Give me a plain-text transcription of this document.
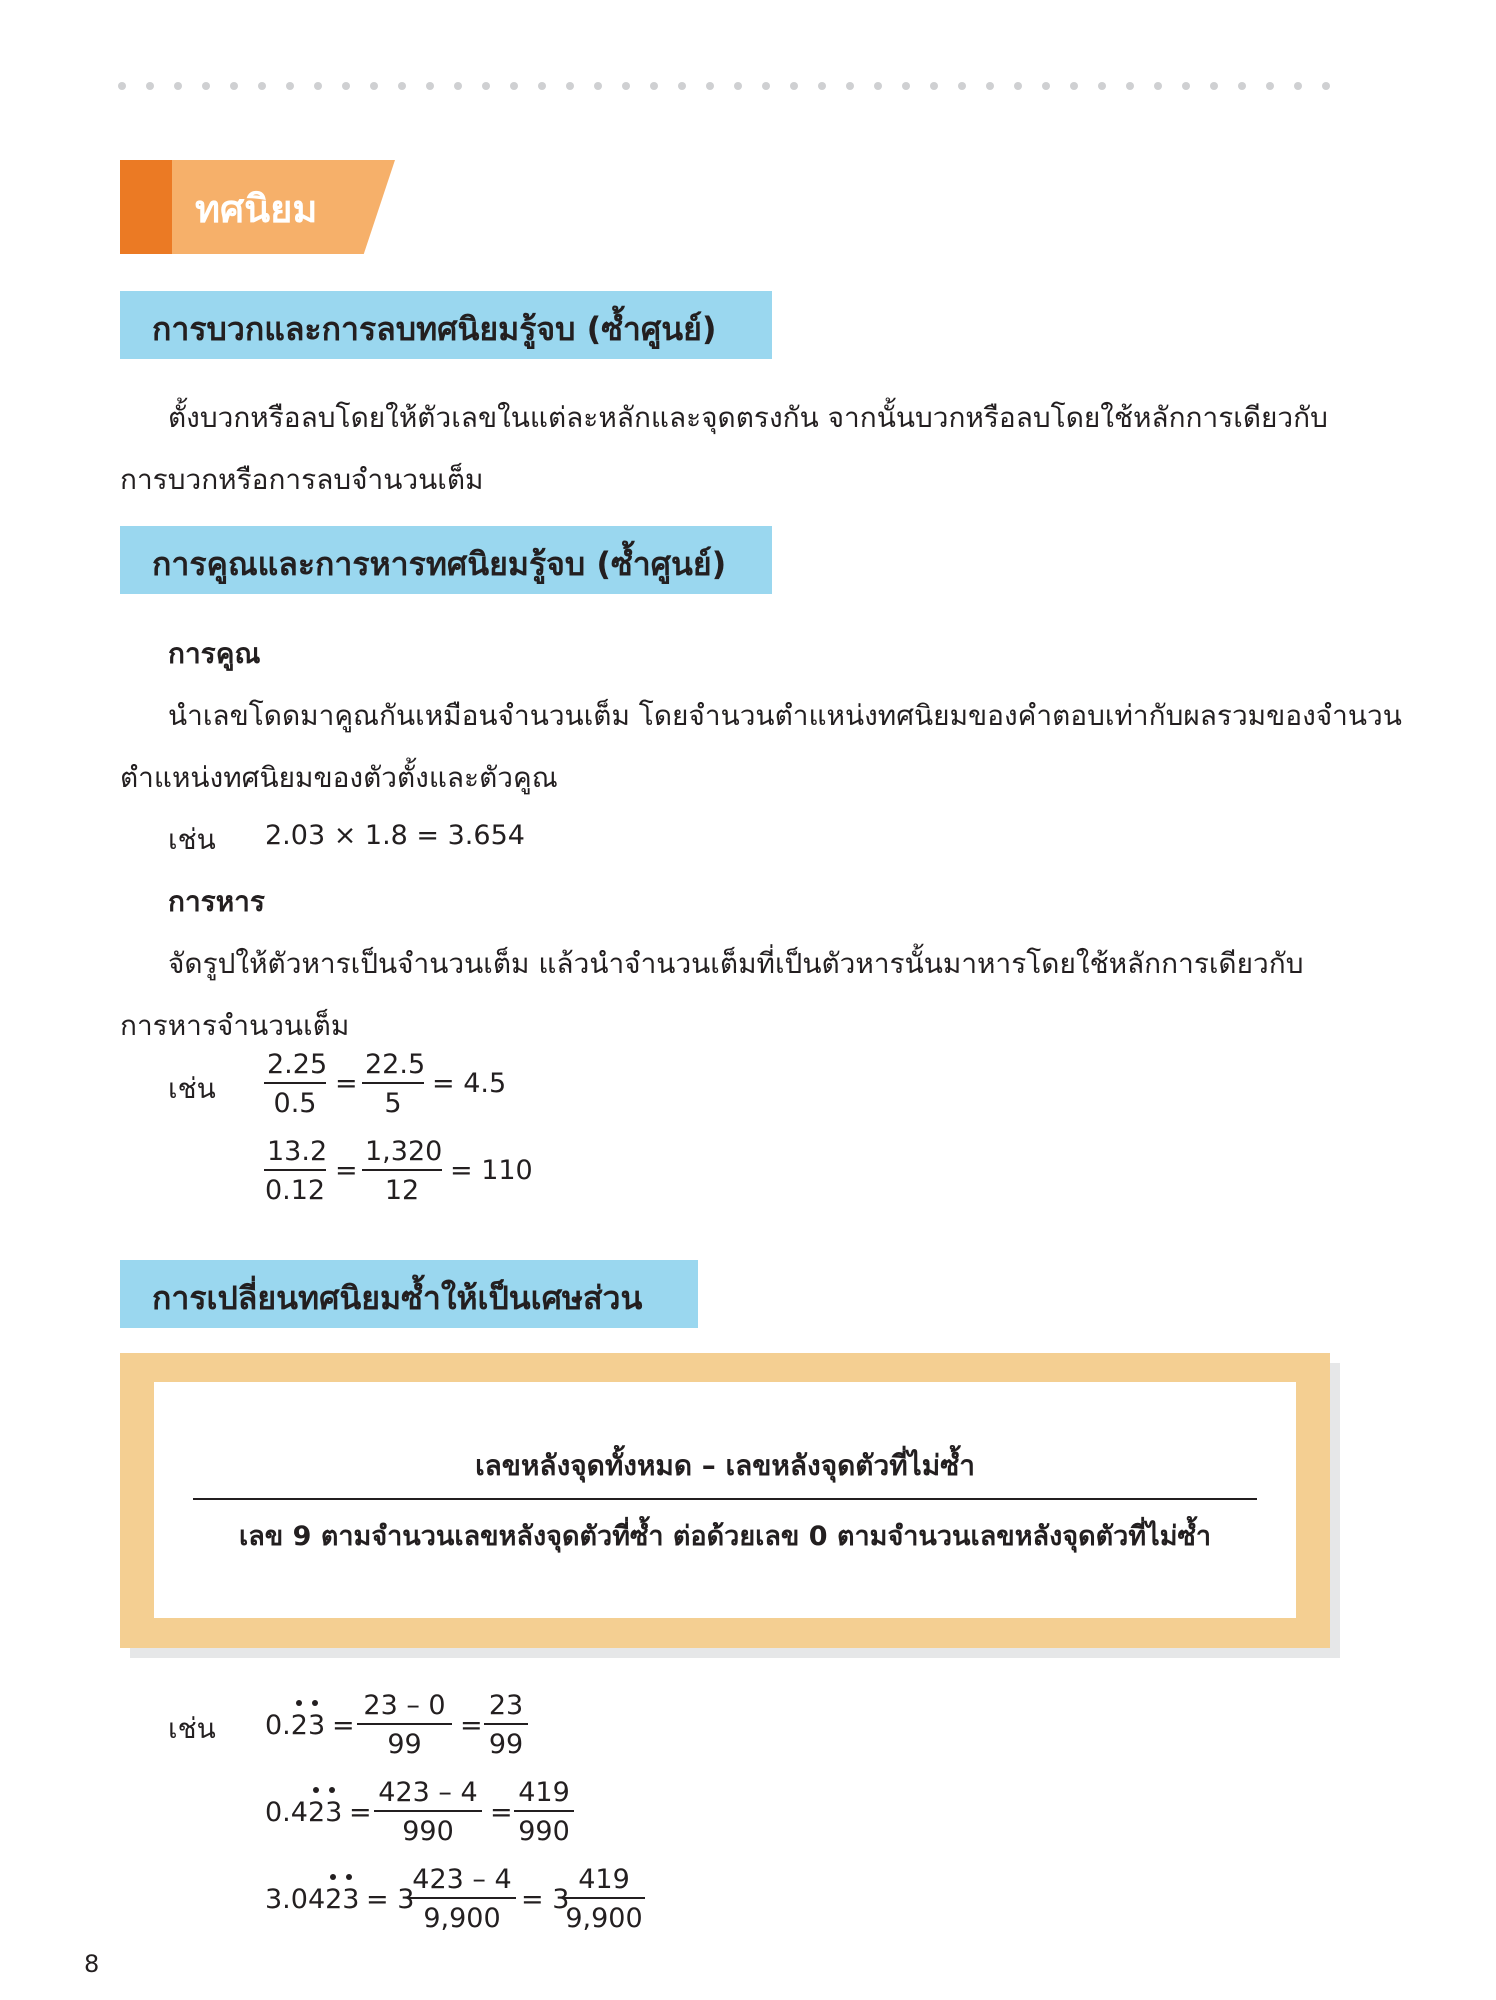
ทศนิยม
การบวกและการลบทศนิยมรู้จบ (ซ้ำศูนย์)
ตั้งบวกหรือลบโดยให้ตัวเลขในแต่ละหลักและจุดตรงกัน จากนั้นบวกหรือลบโดยใช้หลักการเดียวกับ
การบวกหรือการลบจำนวนเต็ม
การคูณและการหารทศนิยมรู้จบ (ซ้ำศูนย์)
การคูณ
นำเลขโดดมาคูณกันเหมือนจำนวนเต็ม โดยจำนวนตำแหน่งทศนิยมของคำตอบเท่ากับผลรวมของจำนวน
ตำแหน่งทศนิยมของตัวตั้งและตัวคูณ
เช่น 2.03 × 1.8 = 3.654
การหาร
จัดรูปให้ตัวหารเป็นจำนวนเต็ม แล้วนำจำนวนเต็มที่เป็นตัวหารนั้นมาหารโดยใช้หลักการเดียวกับ
การหารจำนวนเต็ม
เช่น $\frac{2.25}{0.5} = \frac{22.5}{5} = 4.5$
$\frac{13.2}{0.12} = \frac{1,320}{12} = 110$
การเปลี่ยนทศนิยมซ้ำให้เป็นเศษส่วน
เลขหลังจุดทั้งหมด – เลขหลังจุดตัวที่ไม่ซ้ำ
เลข 9 ตามจำนวนเลขหลังจุดตัวที่ซ้ำ ต่อด้วยเลข 0 ตามจำนวนเลขหลังจุดตัวที่ไม่ซ้ำ
เช่น $0.23 = \frac{23 - 0}{99} = \frac{23}{99}$
$0.423 = \frac{423 - 4}{990} = \frac{419}{990}$
3.0423 = 3
$\frac{423 - 4}{9,900} = 3$
$\frac{419}{9,900}$
8
